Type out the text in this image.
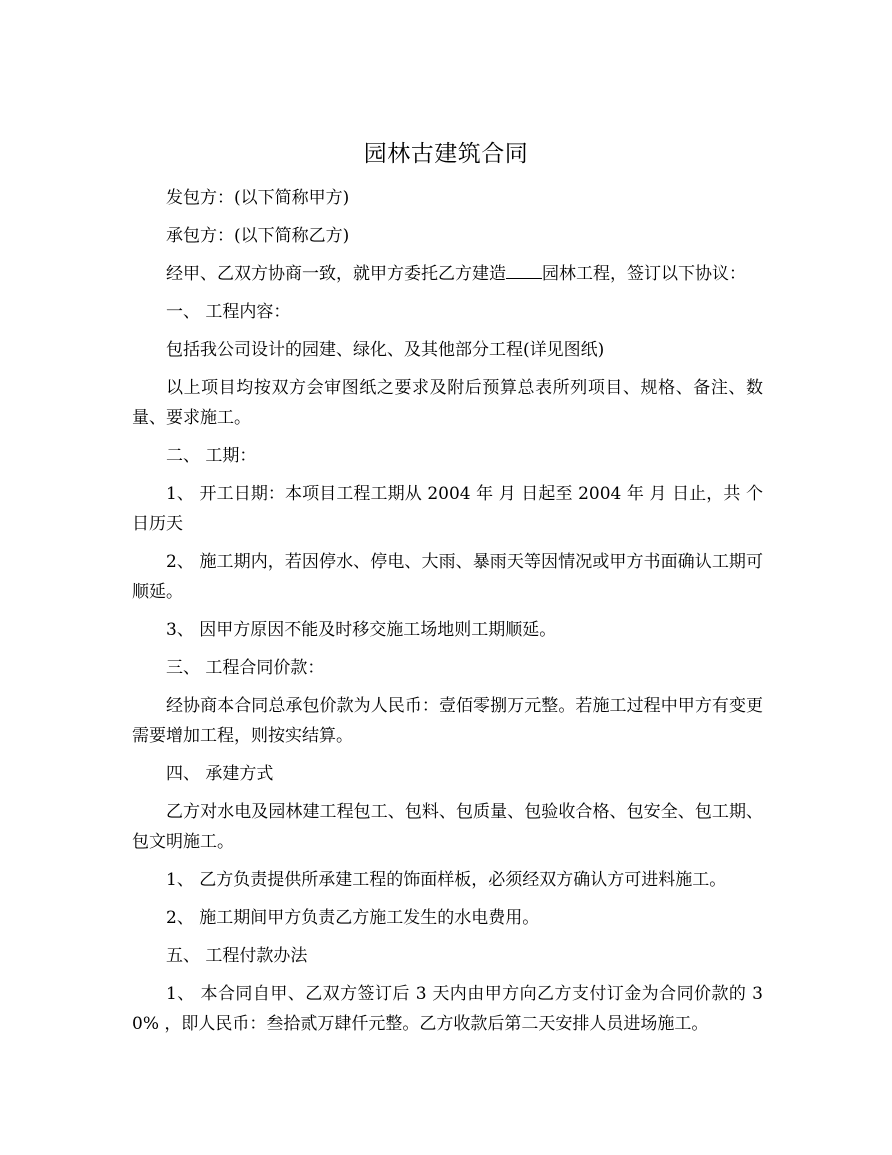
园林古建筑合同

发包方：(以下简称甲方)

承包方：(以下简称乙方)

经甲、乙双方协商一致，就甲方委托乙方建造 园林工程，签订以下协议：

一、 工程内容：

包括我公司设计的园建、绿化、及其他部分工程(详见图纸)

以上项目均按双方会审图纸之要求及附后预算总表所列项目、规格、备注、数量、要求施工。

二、 工期：

1、 开工日期：本项目工程工期从 2004 年 月 日起至 2004 年 月 日止，共 个日历天

2、 施工期内，若因停水、停电、大雨、暴雨天等因情况或甲方书面确认工期可顺延。

3、 因甲方原因不能及时移交施工场地则工期顺延。

三、 工程合同价款：

经协商本合同总承包价款为人民币：壹佰零捌万元整。若施工过程中甲方有变更需要增加工程，则按实结算。

四、 承建方式

乙方对水电及园林建工程包工、包料、包质量、包验收合格、包安全、包工期、包文明施工。

1、 乙方负责提供所承建工程的饰面样板，必须经双方确认方可进料施工。

2、 施工期间甲方负责乙方施工发生的水电费用。

五、 工程付款办法

1、 本合同自甲、乙双方签订后 3 天内由甲方向乙方支付订金为合同价款的 30% ，即人民币：叁拾贰万肆仟元整。乙方收款后第二天安排人员进场施工。
